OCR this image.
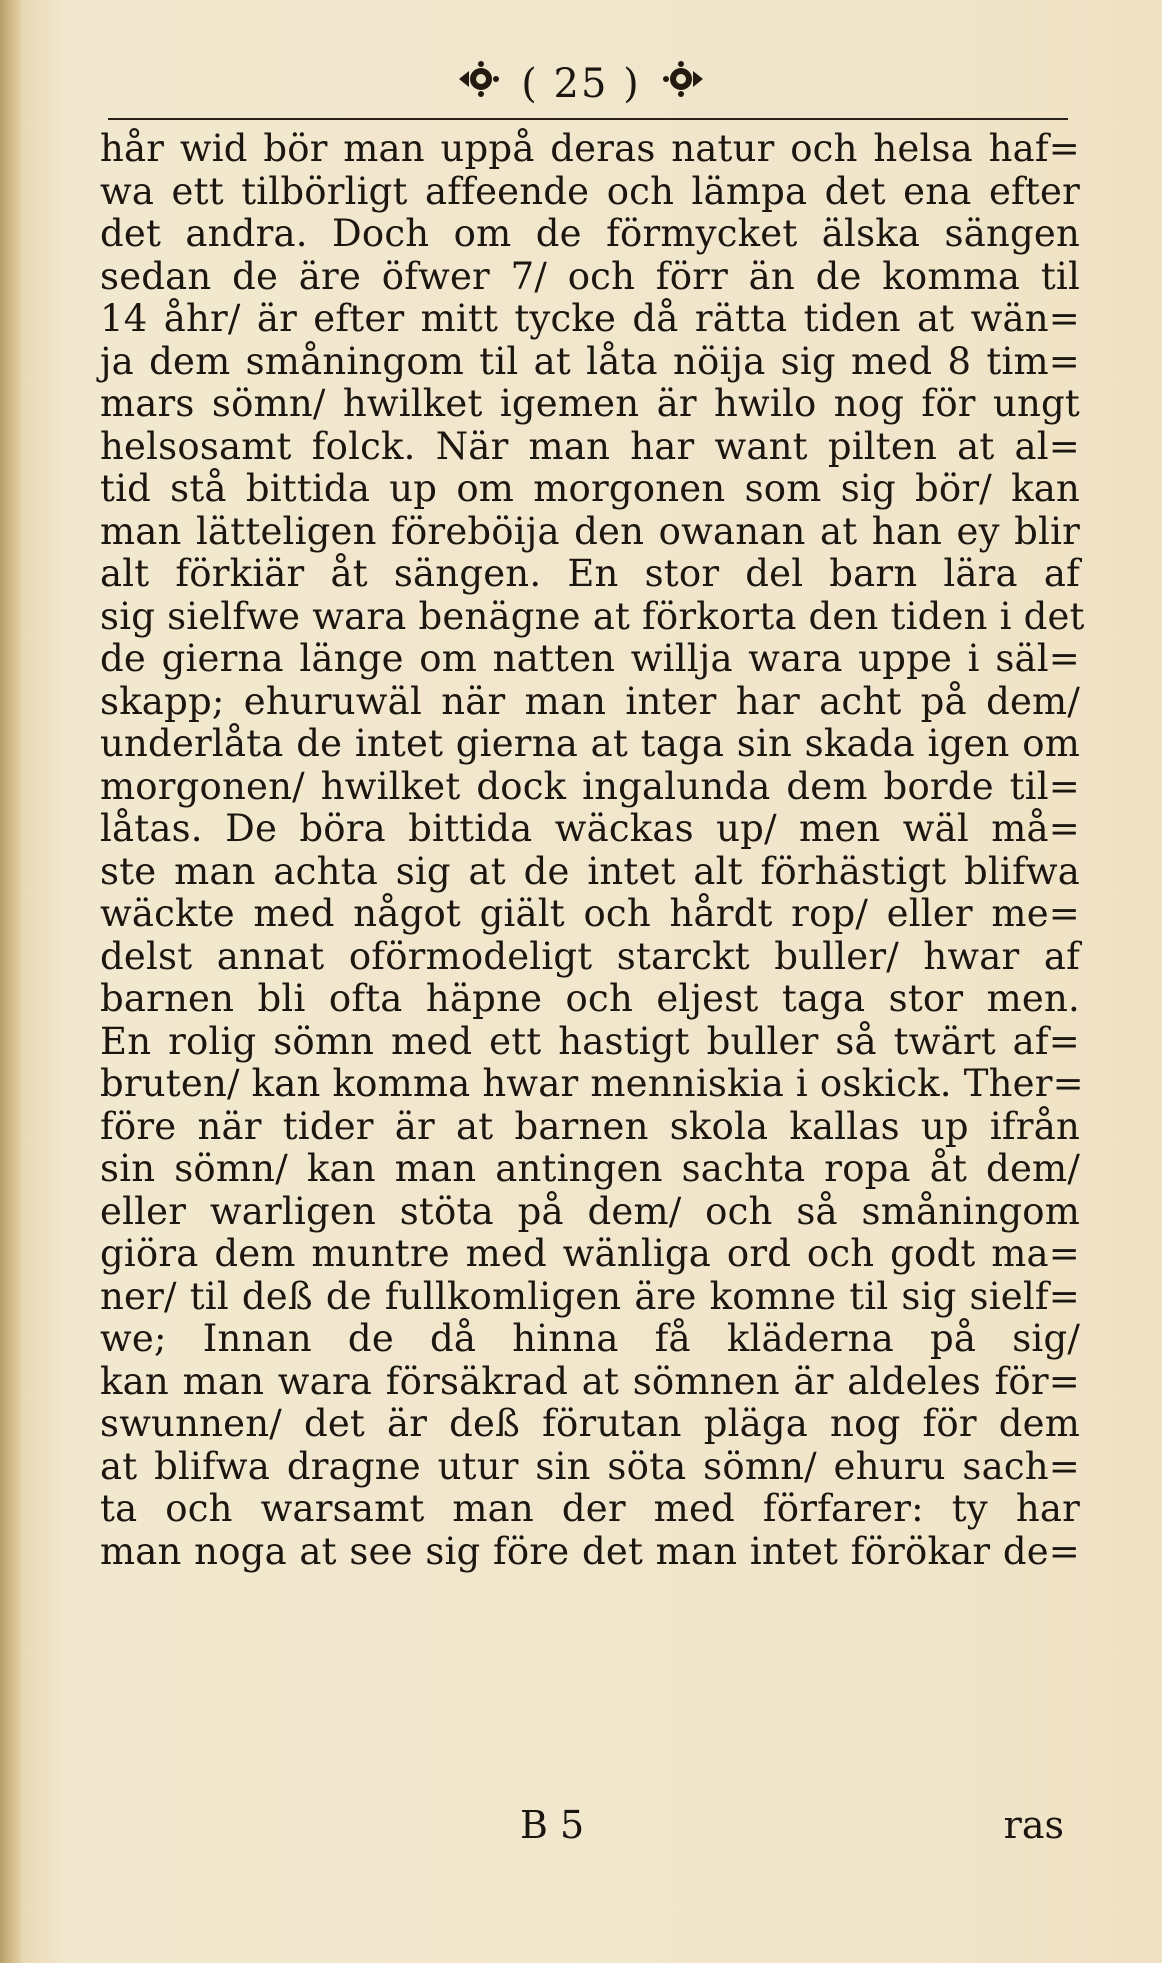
( 25 )
hår wid bör man uppå deras natur och helsa haf=
wa ett tilbörligt affeende och lämpa det ena efter
det andra. Doch om de förmycket älska sängen
sedan de äre öfwer 7/ och förr än de komma til
14 åhr/ är efter mitt tycke då rätta tiden at wän=
ja dem småningom til at låta nöija sig med 8 tim=
mars sömn/ hwilket igemen är hwilo nog för ungt
helsosamt folck. När man har want pilten at al=
tid stå bittida up om morgonen som sig bör/ kan
man lätteligen föreböija den owanan at han ey blir
alt förkiär åt sängen. En stor del barn lära af
sig sielfwe wara benägne at förkorta den tiden i det
de gierna länge om natten willja wara uppe i säl=
skapp; ehuruwäl när man inter har acht på dem/
underlåta de intet gierna at taga sin skada igen om
morgonen/ hwilket dock ingalunda dem borde til=
låtas. De böra bittida wäckas up/ men wäl må=
ste man achta sig at de intet alt förhästigt blifwa
wäckte med något giält och hårdt rop/ eller me=
delst annat oförmodeligt starckt buller/ hwar af
barnen bli ofta häpne och eljest taga stor men.
En rolig sömn med ett hastigt buller så twärt af=
bruten/ kan komma hwar menniskia i oskick. Ther=
före när tider är at barnen skola kallas up ifrån
sin sömn/ kan man antingen sachta ropa åt dem/
eller warligen stöta på dem/ och så småningom
giöra dem muntre med wänliga ord och godt ma=
ner/ til deß de fullkomligen äre komne til sig sielf=
we; Innan de då hinna få kläderna på sig/
kan man wara försäkrad at sömnen är aldeles för=
swunnen/ det är deß förutan pläga nog för dem
at blifwa dragne utur sin söta sömn/ ehuru sach=
ta och warsamt man der med förfarer: ty har
man noga at see sig före det man intet förökar de=
B 5	ras
